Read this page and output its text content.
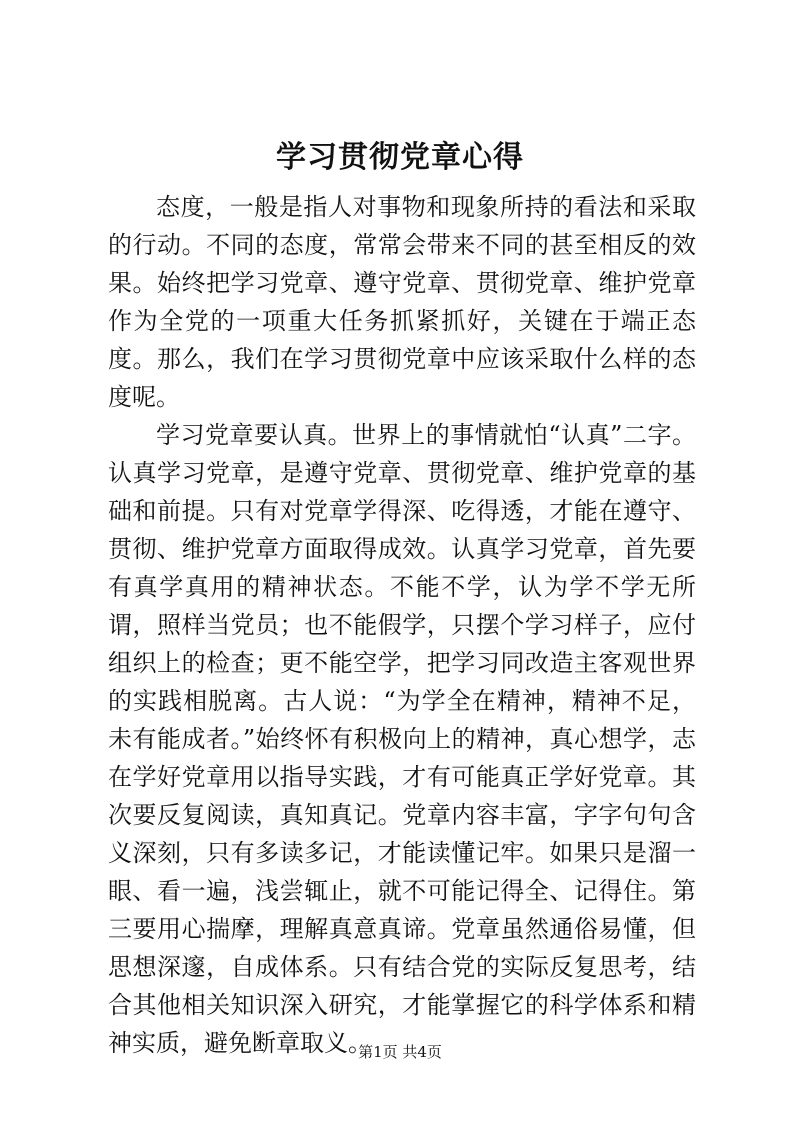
学习贯彻党章心得

态度，一般是指人对事物和现象所持的看法和采取的行动。不同的态度，常常会带来不同的甚至相反的效果。始终把学习党章、遵守党章、贯彻党章、维护党章作为全党的一项重大任务抓紧抓好，关键在于端正态度。那么，我们在学习贯彻党章中应该采取什么样的态度呢。

学习党章要认真。世界上的事情就怕“认真”二字。认真学习党章，是遵守党章、贯彻党章、维护党章的基础和前提。只有对党章学得深、吃得透，才能在遵守、贯彻、维护党章方面取得成效。认真学习党章，首先要有真学真用的精神状态。不能不学，认为学不学无所谓，照样当党员；也不能假学，只摆个学习样子，应付组织上的检查；更不能空学，把学习同改造主客观世界的实践相脱离。古人说：“为学全在精神，精神不足，未有能成者。”始终怀有积极向上的精神，真心想学，志在学好党章用以指导实践，才有可能真正学好党章。其次要反复阅读，真知真记。党章内容丰富，字字句句含义深刻，只有多读多记，才能读懂记牢。如果只是溜一眼、看一遍，浅尝辄止，就不可能记得全、记得住。第三要用心揣摩，理解真意真谛。党章虽然通俗易懂，但思想深邃，自成体系。只有结合党的实际反复思考，结合其他相关知识深入研究，才能掌握它的科学体系和精神实质，避免断章取义。

第1页 共4页
